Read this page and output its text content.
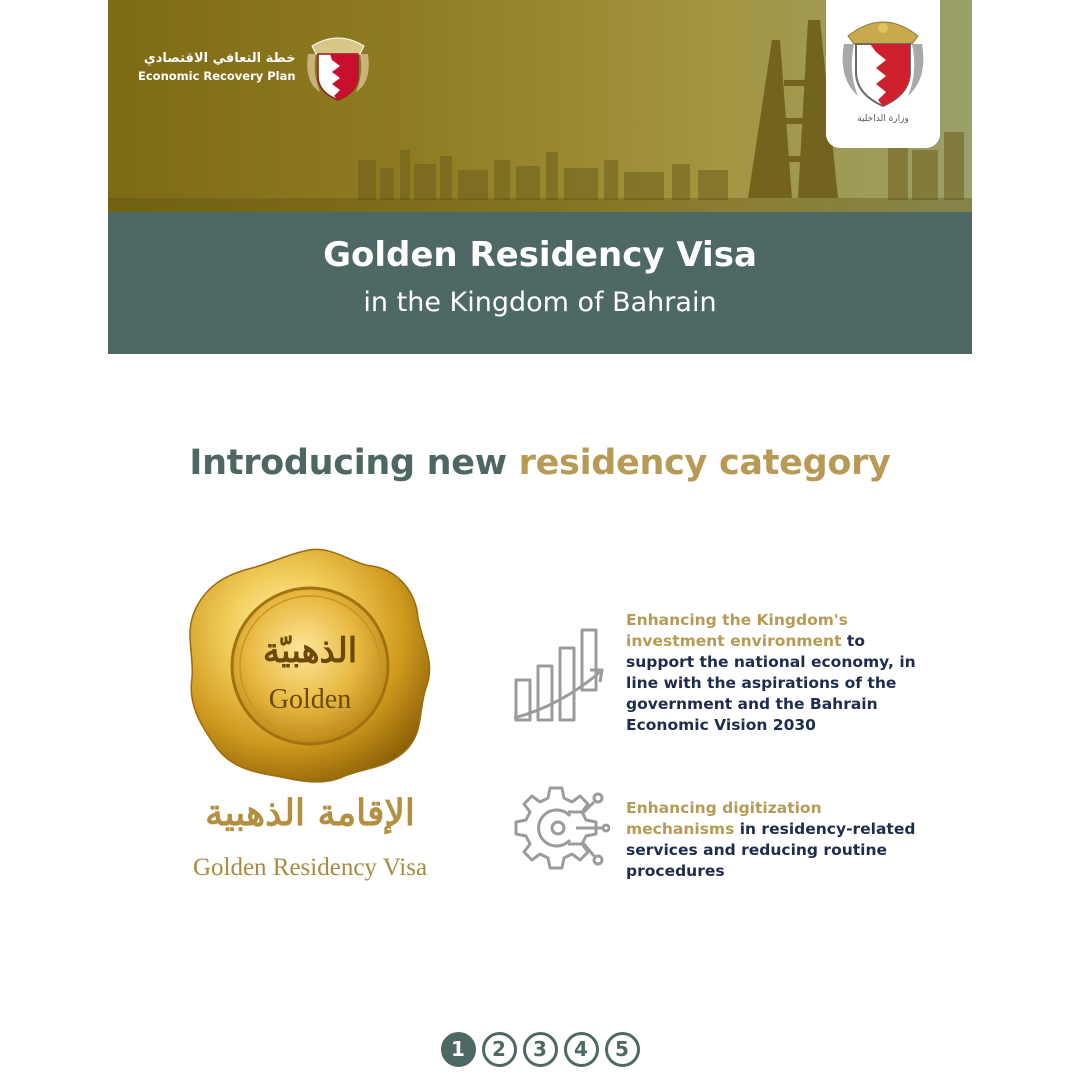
خطة التعافي الاقتصادي
Economic Recovery Plan
وزارة الداخلية
Golden Residency Visa
in the Kingdom of Bahrain
Introducing new residency category
الذهبيّة
Golden
الإقامة الذهبية
Golden Residency Visa
Enhancing the Kingdom's investment environment to support the national economy, in line with the aspirations of the government and the Bahrain Economic Vision 2030
Enhancing digitization mechanisms in residency-related services and reducing routine procedures
1	2	3	4	5
